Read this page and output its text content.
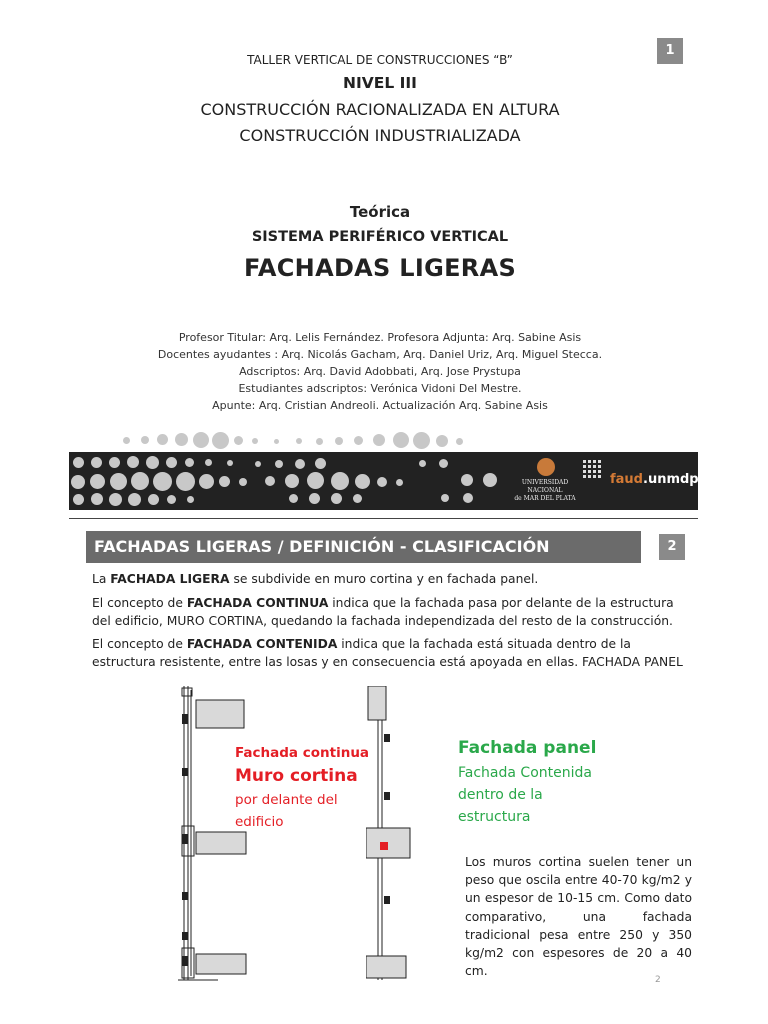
1
TALLER VERTICAL DE CONSTRUCCIONES “B”
NIVEL III
CONSTRUCCIÓN RACIONALIZADA EN ALTURA
CONSTRUCCIÓN INDUSTRIALIZADA
Teórica
SISTEMA PERIFÉRICO VERTICAL
FACHADAS LIGERAS
Profesor Titular: Arq. Lelis Fernández. Profesora Adjunta: Arq. Sabine Asis
Docentes ayudantes : Arq. Nicolás Gacham, Arq. Daniel Uriz, Arq. Miguel Stecca.
Adscriptos: Arq. David Adobbati, Arq. Jose Prystupa
Estudiantes adscriptos: Verónica Vidoni Del Mestre.
Apunte: Arq. Cristian Andreoli. Actualización Arq. Sabine Asis
UNIVERSIDAD NACIONAL
de MAR DEL PLATA
faud.unmdp
FACHADAS LIGERAS / DEFINICIÓN - CLASIFICACIÓN	2
La FACHADA LIGERA se subdivide en muro cortina y en fachada panel.
El concepto de FACHADA CONTINUA indica que la fachada pasa por delante de la estructura del edificio, MURO CORTINA, quedando la fachada independizada del resto de la construcción.
El concepto de FACHADA CONTENIDA indica que la fachada está situada dentro de la estructura resistente, entre las losas y en consecuencia está apoyada en ellas. FACHADA PANEL
Fachada continua
Muro cortina
por delante del
edificio
Fachada panel
Fachada Contenida
dentro de la
estructura
Los muros cortina suelen tener un peso que oscila entre 40-70 kg/m2 y un espesor de 10-15 cm. Como dato comparativo, una fachada tradicional pesa entre 250 y 350 kg/m2 con espesores de 20 a 40 cm.
2
